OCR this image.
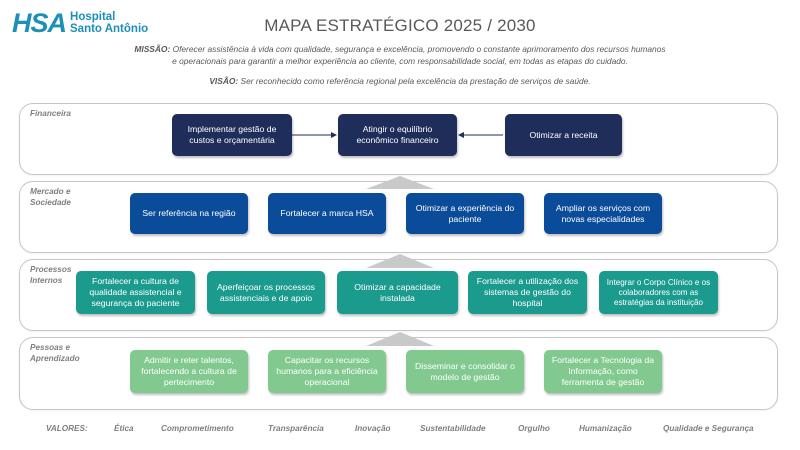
HSA Hospital
Santo Antônio	MAPA ESTRATÉGICO 2025 / 2030
MISSÃO: Oferecer assistência à vida com qualidade, segurança e excelência, promovendo o constante aprimoramento dos recursos humanos
e operacionais para garantir a melhor experiência ao cliente, com responsabilidade social, em todas as etapas do cuidado.
VISÃO: Ser reconhecido como referência regional pela excelência da prestação de serviços de saúde.
Financeira
Mercado e Sociedade
Processos Internos
Pessoas e Aprendizado
Implementar gestão de custos e orçamentária
Atingir o equilíbrio econômico financeiro
Otimizar a receita
Ser referência na região	Fortalecer a marca HSA
Otimizar a experiência do paciente
Ampliar os serviços com novas especialidades
Fortalecer a cultura de qualidade assistencial e segurança do paciente
Aperfeiçoar os processos assistenciais e de apoio
Otimizar a capacidade instalada
Fortalecer a utilização dos sistemas de gestão do hospital
Integrar o Corpo Clínico e os colaboradores com as estratégias da instituição
Admitir e reter talentos, fortalecendo a cultura de pertecimento
Capacitar os recursos humanos para a eficiência operacional
Disseminar e consolidar o modelo de gestão
Fortalecer a Tecnologia da Informação, como ferramenta de gestão
VALORES:	Ética	Comprometimento	Transparência	Inovação	Sustentabilidade	Orgulho	Humanização	Qualidade e Segurança
